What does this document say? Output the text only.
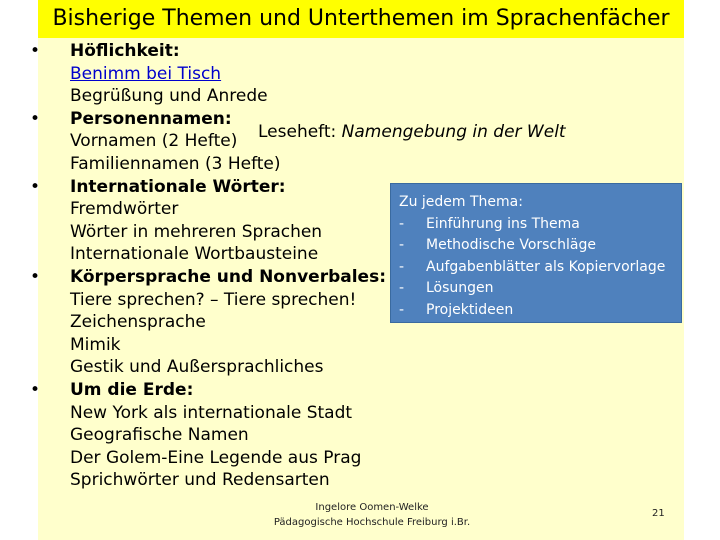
Bisherige Themen und Unterthemen im Sprachenfächer
•	Höflichkeit:
Benimm bei Tisch
Begrüßung und Anrede
•	Personennamen:
Vornamen (2 Hefte)
Familiennamen (3 Hefte)
•	Internationale Wörter:
Fremdwörter
Wörter in mehreren Sprachen
Internationale Wortbausteine
•	Körpersprache und Nonverbales:
Tiere sprechen? – Tiere sprechen!
Zeichensprache
Mimik
Gestik und Außersprachliches
•	Um die Erde:
New York als internationale Stadt
Geografische Namen
Der Golem-Eine Legende aus Prag
Sprichwörter und Redensarten
Leseheft: Namengebung in der Welt
Zu jedem Thema:
- Einführung ins Thema
- Methodische Vorschläge
- Aufgabenblätter als Kopiervorlage
- Lösungen
- Projektideen
Ingelore Oomen-Welke
Pädagogische Hochschule Freiburg i.Br.
21
